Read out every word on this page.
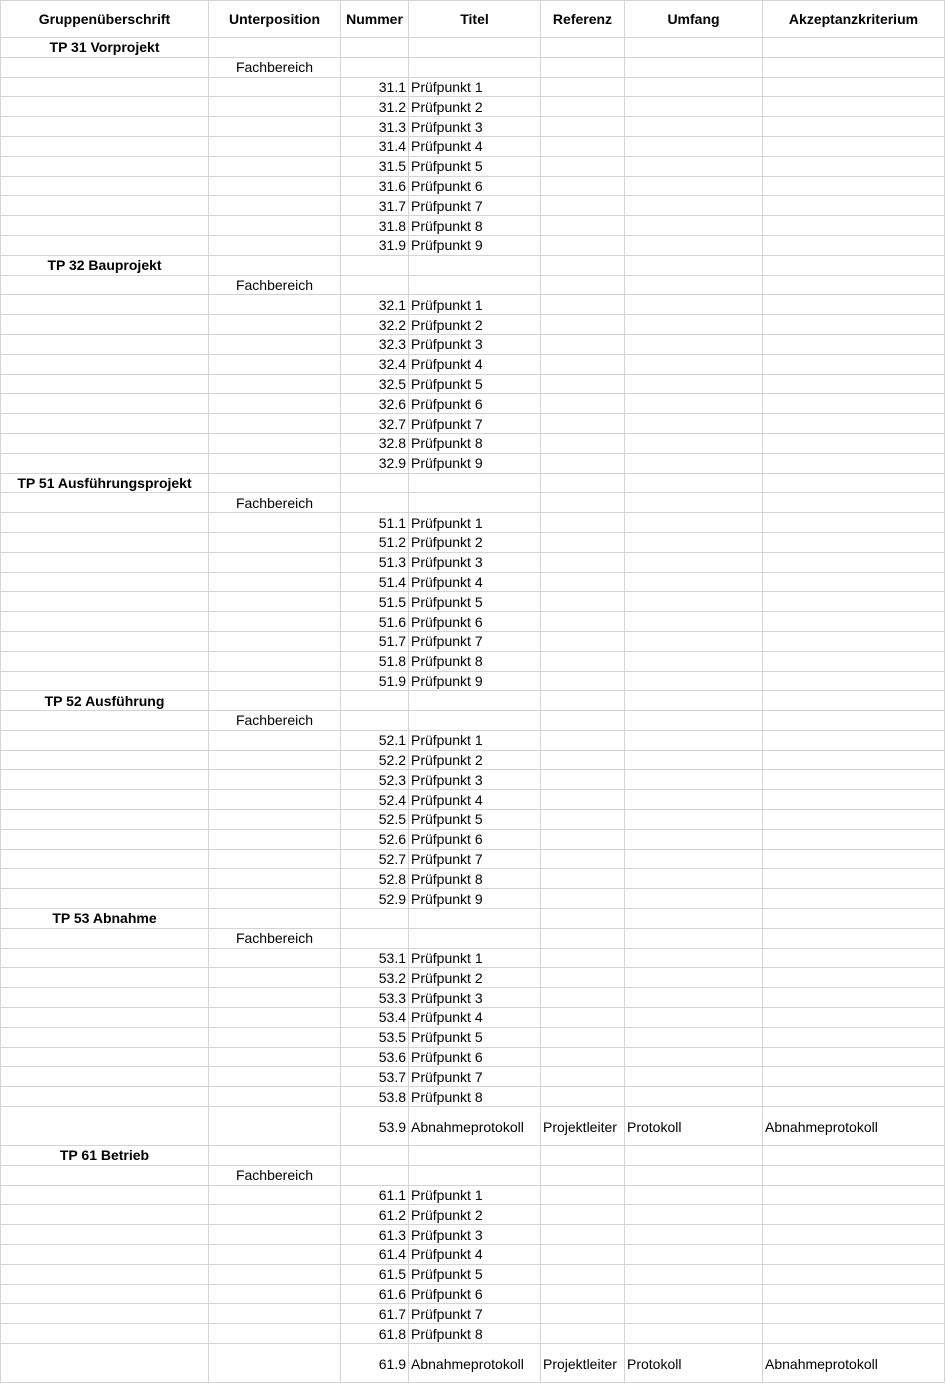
Gruppenüberschrift	Unterposition	Nummer	Titel	Referenz	Umfang	Akzeptanzkriterium
TP 31 Vorprojekt						
	Fachbereich					
		31.1	Prüfpunkt 1			
		31.2	Prüfpunkt 2			
		31.3	Prüfpunkt 3			
		31.4	Prüfpunkt 4			
		31.5	Prüfpunkt 5			
		31.6	Prüfpunkt 6			
		31.7	Prüfpunkt 7			
		31.8	Prüfpunkt 8			
		31.9	Prüfpunkt 9			
TP 32 Bauprojekt						
	Fachbereich					
		32.1	Prüfpunkt 1			
		32.2	Prüfpunkt 2			
		32.3	Prüfpunkt 3			
		32.4	Prüfpunkt 4			
		32.5	Prüfpunkt 5			
		32.6	Prüfpunkt 6			
		32.7	Prüfpunkt 7			
		32.8	Prüfpunkt 8			
		32.9	Prüfpunkt 9			
TP 51 Ausführungsprojekt						
	Fachbereich					
		51.1	Prüfpunkt 1			
		51.2	Prüfpunkt 2			
		51.3	Prüfpunkt 3			
		51.4	Prüfpunkt 4			
		51.5	Prüfpunkt 5			
		51.6	Prüfpunkt 6			
		51.7	Prüfpunkt 7			
		51.8	Prüfpunkt 8			
		51.9	Prüfpunkt 9			
TP 52 Ausführung						
	Fachbereich					
		52.1	Prüfpunkt 1			
		52.2	Prüfpunkt 2			
		52.3	Prüfpunkt 3			
		52.4	Prüfpunkt 4			
		52.5	Prüfpunkt 5			
		52.6	Prüfpunkt 6			
		52.7	Prüfpunkt 7			
		52.8	Prüfpunkt 8			
		52.9	Prüfpunkt 9			
TP 53 Abnahme						
	Fachbereich					
		53.1	Prüfpunkt 1			
		53.2	Prüfpunkt 2			
		53.3	Prüfpunkt 3			
		53.4	Prüfpunkt 4			
		53.5	Prüfpunkt 5			
		53.6	Prüfpunkt 6			
		53.7	Prüfpunkt 7			
		53.8	Prüfpunkt 8			
		53.9	Abnahmeprotokoll	Projektleiter	Protokoll	Abnahmeprotokoll
TP 61 Betrieb						
	Fachbereich					
		61.1	Prüfpunkt 1			
		61.2	Prüfpunkt 2			
		61.3	Prüfpunkt 3			
		61.4	Prüfpunkt 4			
		61.5	Prüfpunkt 5			
		61.6	Prüfpunkt 6			
		61.7	Prüfpunkt 7			
		61.8	Prüfpunkt 8			
		61.9	Abnahmeprotokoll	Projektleiter	Protokoll	Abnahmeprotokoll
